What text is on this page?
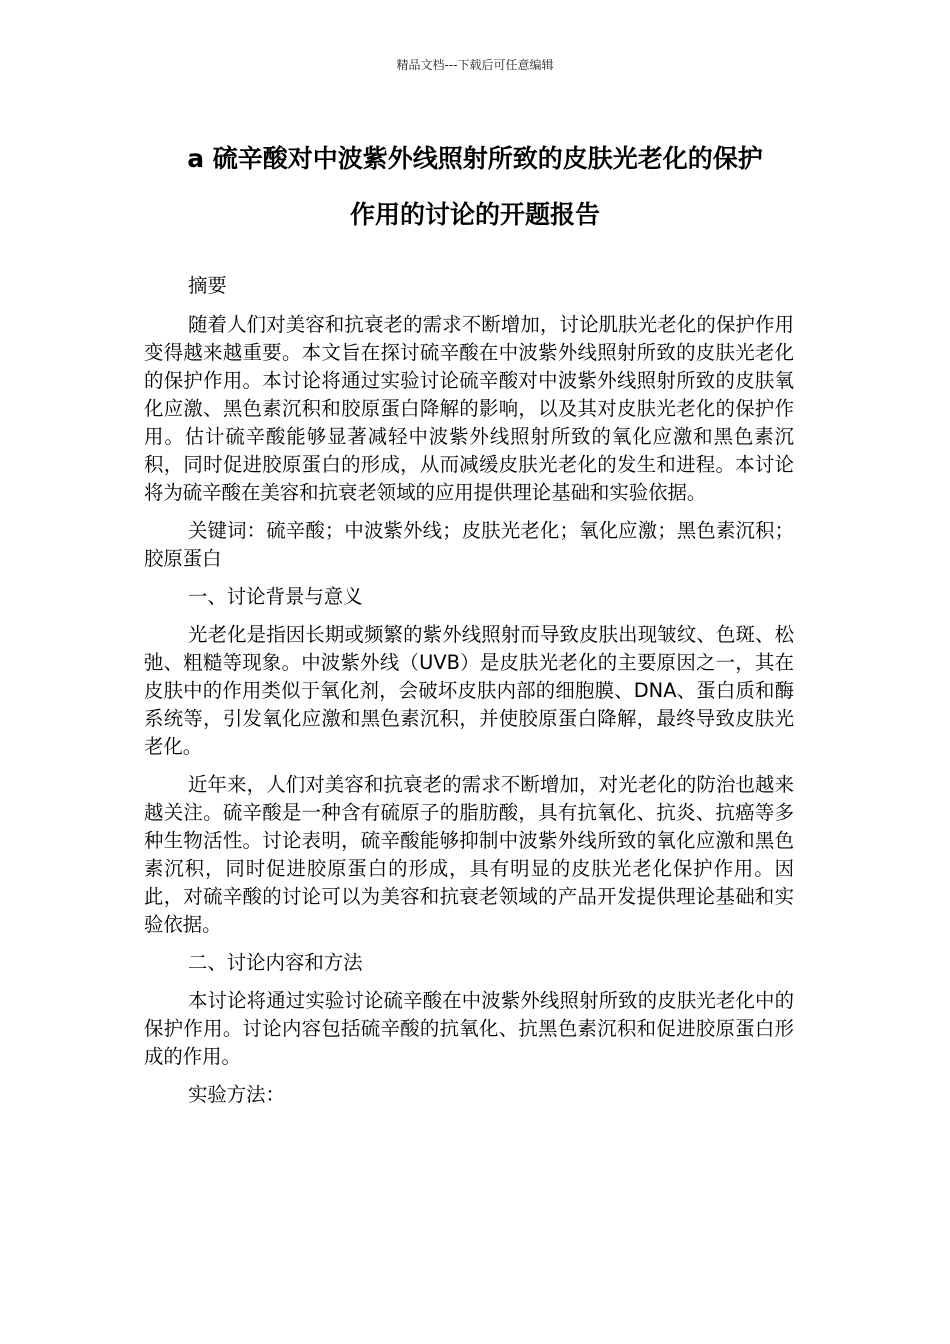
精品文档---下载后可任意编辑
a 硫辛酸对中波紫外线照射所致的皮肤光老化的保护
作用的讨论的开题报告

摘要

随着人们对美容和抗衰老的需求不断增加，讨论肌肤光老化的保护作用变得越来越重要。本文旨在探讨硫辛酸在中波紫外线照射所致的皮肤光老化的保护作用。本讨论将通过实验讨论硫辛酸对中波紫外线照射所致的皮肤氧化应激、黑色素沉积和胶原蛋白降解的影响，以及其对皮肤光老化的保护作用。估计硫辛酸能够显著减轻中波紫外线照射所致的氧化应激和黑色素沉积，同时促进胶原蛋白的形成，从而减缓皮肤光老化的发生和进程。本讨论将为硫辛酸在美容和抗衰老领域的应用提供理论基础和实验依据。

关键词：硫辛酸；中波紫外线；皮肤光老化；氧化应激；黑色素沉积；胶原蛋白

一、讨论背景与意义

光老化是指因长期或频繁的紫外线照射而导致皮肤出现皱纹、色斑、松弛、粗糙等现象。中波紫外线（UVB）是皮肤光老化的主要原因之一，其在皮肤中的作用类似于氧化剂，会破坏皮肤内部的细胞膜、DNA、蛋白质和酶系统等，引发氧化应激和黑色素沉积，并使胶原蛋白降解，最终导致皮肤光老化。

近年来，人们对美容和抗衰老的需求不断增加，对光老化的防治也越来越关注。硫辛酸是一种含有硫原子的脂肪酸，具有抗氧化、抗炎、抗癌等多种生物活性。讨论表明，硫辛酸能够抑制中波紫外线所致的氧化应激和黑色素沉积，同时促进胶原蛋白的形成，具有明显的皮肤光老化保护作用。因此，对硫辛酸的讨论可以为美容和抗衰老领域的产品开发提供理论基础和实验依据。

二、讨论内容和方法

本讨论将通过实验讨论硫辛酸在中波紫外线照射所致的皮肤光老化中的保护作用。讨论内容包括硫辛酸的抗氧化、抗黑色素沉积和促进胶原蛋白形成的作用。

实验方法：
